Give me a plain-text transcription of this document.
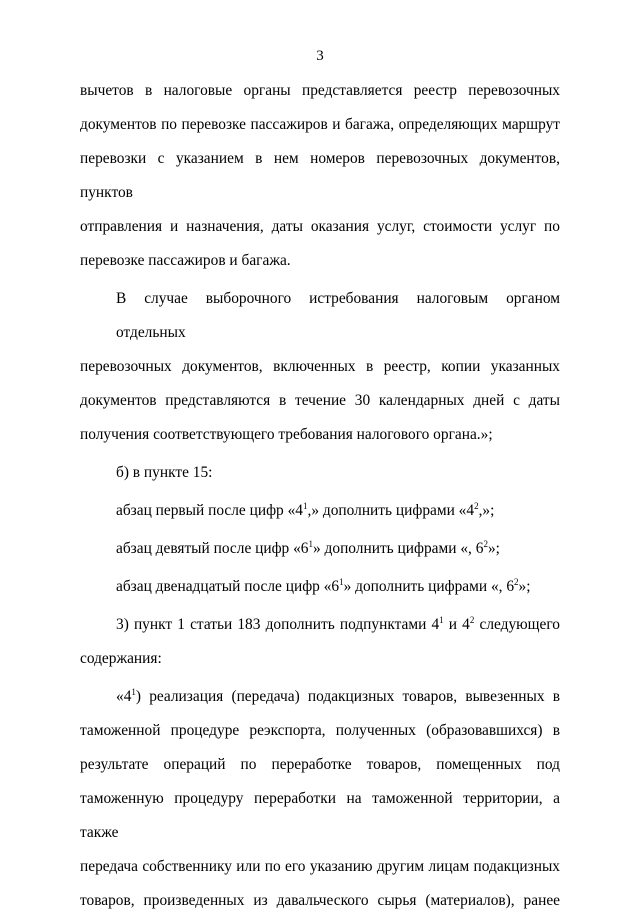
3
вычетов в налоговые органы представляется реестр перевозочных
документов по перевозке пассажиров и багажа, определяющих маршрут
перевозки с указанием в нем номеров перевозочных документов, пунктов
отправления и назначения, даты оказания услуг, стоимости услуг по
перевозке пассажиров и багажа.
В случае выборочного истребования налоговым органом отдельных
перевозочных документов, включенных в реестр, копии указанных
документов представляются в течение 30 календарных дней с даты
получения соответствующего требования налогового органа.»;
б) в пункте 15:
абзац первый после цифр «$4^1$,» дополнить цифрами «$4^2$,»;
абзац девятый после цифр «$6^1$» дополнить цифрами «, $6^2$»;
абзац двенадцатый после цифр «$6^1$» дополнить цифрами «, $6^2$»;
3) пункт 1 статьи 183 дополнить подпунктами $4^1$ и $4^2$ следующего
содержания:
«$4^1$) реализация (передача) подакцизных товаров, вывезенных в
таможенной процедуре реэкспорта, полученных (образовавшихся) в
результате операций по переработке товаров, помещенных под
таможенную процедуру переработки на таможенной территории, а также
передача собственнику или по его указанию другим лицам подакцизных
товаров, произведенных из давальческого сырья (материалов), ранее
